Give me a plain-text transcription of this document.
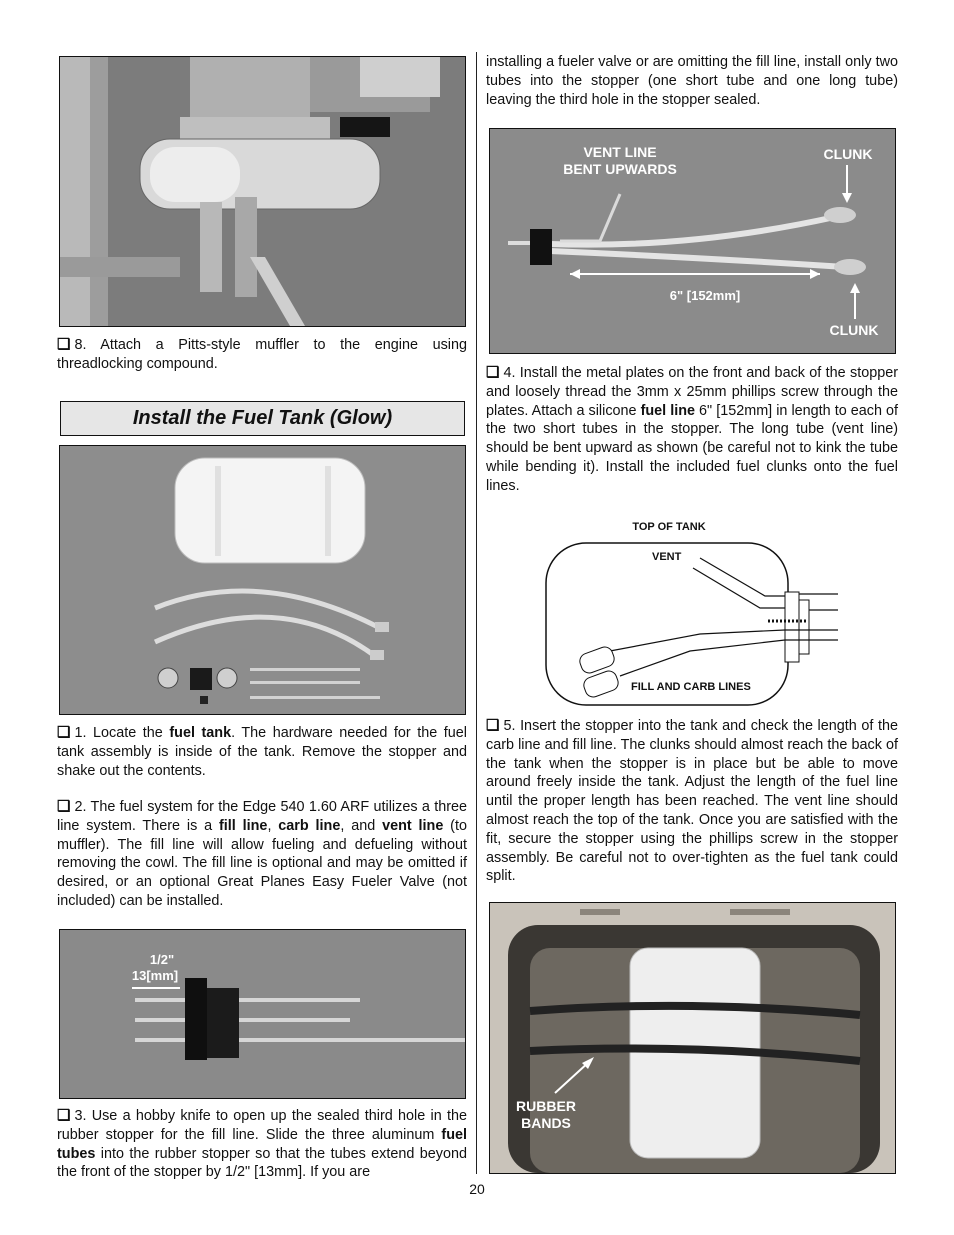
❑ 8. Attach a Pitts-style muffler to the engine using threadlocking compound.

Install the Fuel Tank (Glow)

❑ 1. Locate the fuel tank. The hardware needed for the fuel tank assembly is inside of the tank. Remove the stopper and shake out the contents.

❑ 2. The fuel system for the Edge 540 1.60 ARF utilizes a three line system. There is a fill line, carb line, and vent line (to muffler). The fill line will allow fueling and defueling without removing the cowl. The fill line is optional and may be omitted if desired, or an optional Great Planes Easy Fueler Valve (not included) can be installed.

1/2"
13[mm]

❑ 3. Use a hobby knife to open up the sealed third hole in the rubber stopper for the fill line. Slide the three aluminum fuel tubes into the rubber stopper so that the tubes extend beyond the front of the stopper by 1/2" [13mm]. If you are

installing a fueler valve or are omitting the fill line, install only two tubes into the stopper (one short tube and one long tube) leaving the third hole in the stopper sealed.

VENT LINE
BENT UPWARDS
CLUNK
CLUNK
6" [152mm]

❑ 4. Install the metal plates on the front and back of the stopper and loosely thread the 3mm x 25mm phillips screw through the plates. Attach a silicone fuel line 6" [152mm] in length to each of the two short tubes in the stopper. The long tube (vent line) should be bent upward as shown (be careful not to kink the tube while bending it). Install the included fuel clunks onto the fuel lines.

TOP OF TANK
VENT
FILL AND CARB LINES

❑ 5. Insert the stopper into the tank and check the length of the carb line and fill line. The clunks should almost reach the back of the tank when the stopper is in place but be able to move around freely inside the tank. Adjust the length of the fuel line until the proper length has been reached. The vent line should almost reach the top of the tank. Once you are satisfied with the fit, secure the stopper using the phillips screw in the stopper assembly. Be careful not to over-tighten as the fuel tank could split.

RUBBER
BANDS
20
